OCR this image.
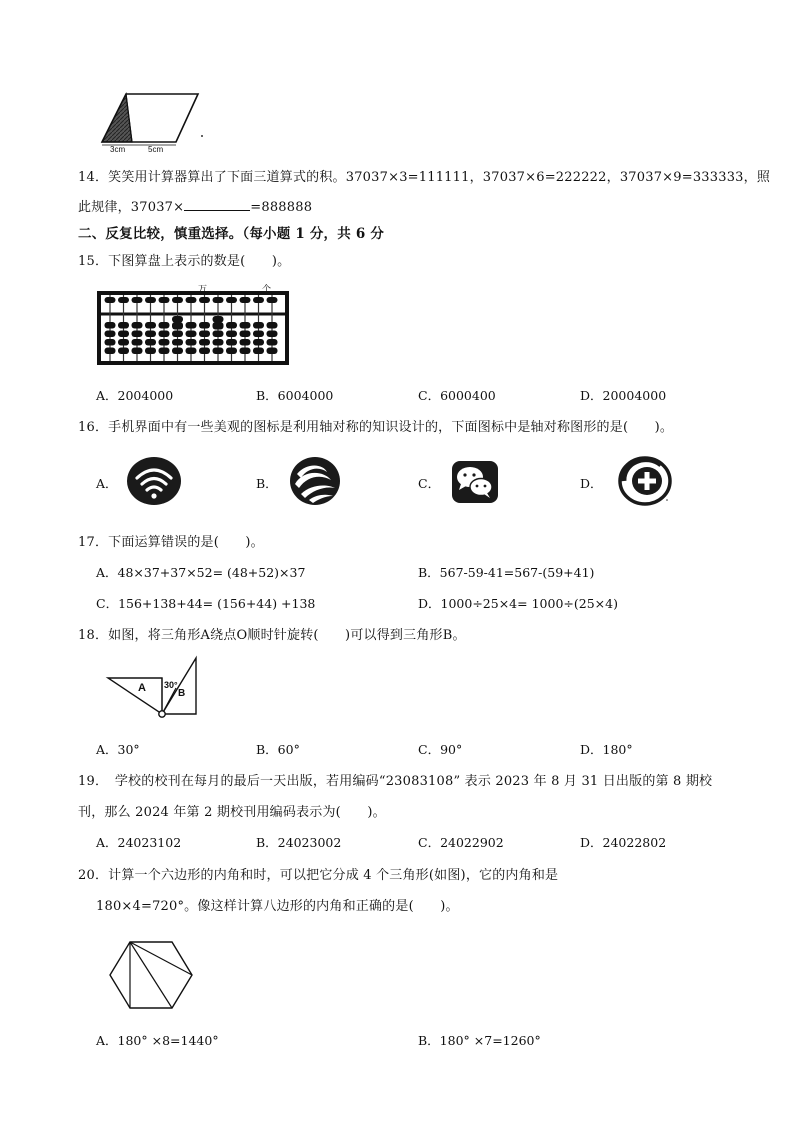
3cm	5cm
14．笑笑用计算器算出了下面三道算式的积。37037×3=111111，37037×6=222222，37037×9=333333，照
此规律，37037×	=888888
二、反复比较，慎重选择。（每小题 1 分，共 6 分
15．下图算盘上表示的数是(　　)。
万	个
A．2004000	B．6004000	C．6000400	D．20004000
16．手机界面中有一些美观的图标是利用轴对称的知识设计的，下面图标中是轴对称图形的是(　　)。
A．	B．	C．	D．
17．下面运算错误的是(　　)。
A．48×37+37×52= (48+52)×37	B．567-59-41=567-(59+41)
C．156+138+44= (156+44) +138	D．1000÷25×4= 1000÷(25×4)
18．如图，将三角形A绕点O顺时针旋转(　　)可以得到三角形B。
A	B
30°
A．30°	B．60°	C．90°	D．180°
19．　学校的校刊在每月的最后一天出版，若用编码“23083108” 表示 2023 年 8 月 31 日出版的第 8 期校
刊，那么 2024 年第 2 期校刊用编码表示为(　　)。
A．24023102	B．24023002	C．24022902	D．24022802
20．计算一个六边形的内角和时，可以把它分成 4 个三角形(如图)，它的内角和是
180×4=720°。像这样计算八边形的内角和正确的是(　　)。
A．180° ×8=1440°	B．180° ×7=1260°
